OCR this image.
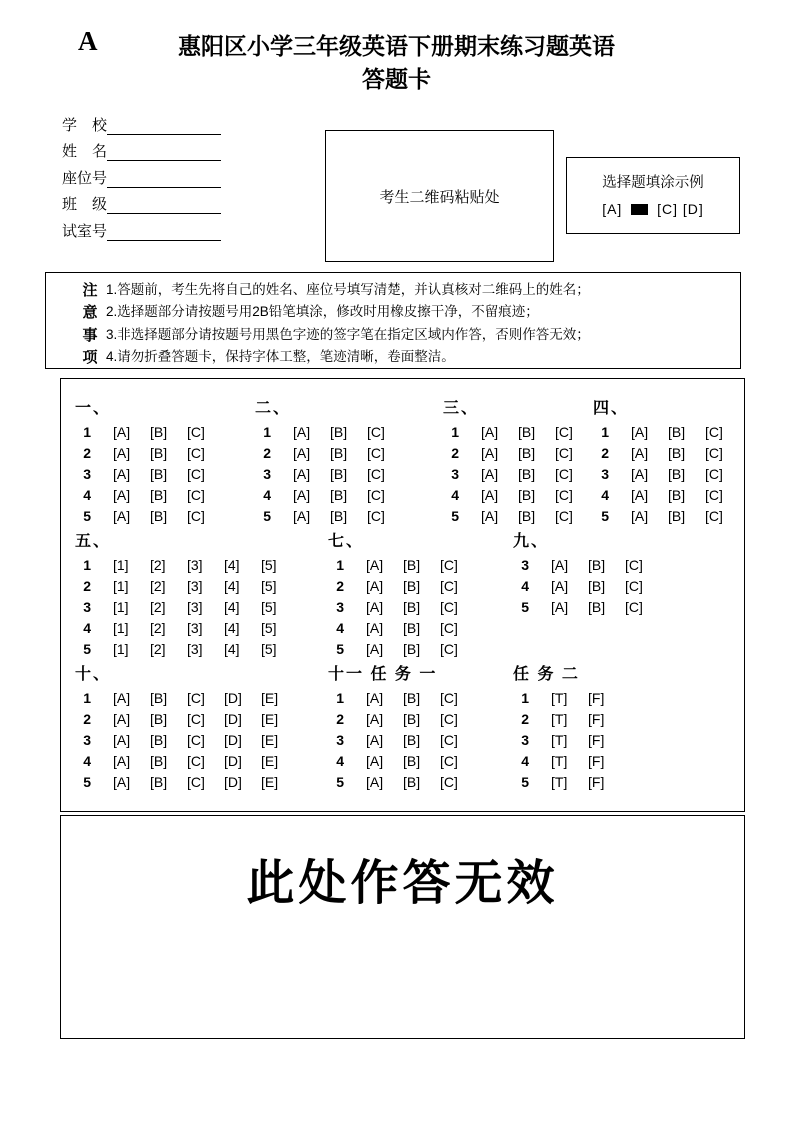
A	惠阳区小学三年级英语下册期末练习题英语
答题卡
学　校
姓　名
座位号
班　级
试室号
考生二维码粘贴处
选择题填涂示例
[A]  [C] [D]
注
意
事
项
1.答题前，考生先将自己的姓名、座位号填写清楚，并认真核对二维码上的姓名；
2.选择题部分请按题号用2B铅笔填涂，修改时用橡皮擦干净，不留痕迹；
3.非选择题部分请按题号用黑色字迹的签字笔在指定区域内作答，否则作答无效；
4.请勿折叠答题卡，保持字体工整，笔迹清晰，卷面整洁。
一、
1 [A] [B] [C]
2 [A] [B] [C]
3 [A] [B] [C]
4 [A] [B] [C]
5 [A] [B] [C]
二、
1 [A] [B] [C]
2 [A] [B] [C]
3 [A] [B] [C]
4 [A] [B] [C]
5 [A] [B] [C]
三、
1 [A] [B] [C]
2 [A] [B] [C]
3 [A] [B] [C]
4 [A] [B] [C]
5 [A] [B] [C]
四、
1 [A] [B] [C]
2 [A] [B] [C]
3 [A] [B] [C]
4 [A] [B] [C]
5 [A] [B] [C]
五、
1 [1] [2] [3] [4] [5]
2 [1] [2] [3] [4] [5]
3 [1] [2] [3] [4] [5]
4 [1] [2] [3] [4] [5]
5 [1] [2] [3] [4] [5]
七、
1 [A] [B] [C]
2 [A] [B] [C]
3 [A] [B] [C]
4 [A] [B] [C]
5 [A] [B] [C]
九、
3 [A] [B] [C]
4 [A] [B] [C]
5 [A] [B] [C]
十、
1 [A] [B] [C] [D] [E]
2 [A] [B] [C] [D] [E]
3 [A] [B] [C] [D] [E]
4 [A] [B] [C] [D] [E]
5 [A] [B] [C] [D] [E]
十一 任 务 一
1 [A] [B] [C]
2 [A] [B] [C]
3 [A] [B] [C]
4 [A] [B] [C]
5 [A] [B] [C]
任 务 二
1 [T] [F]
2 [T] [F]
3 [T] [F]
4 [T] [F]
5 [T] [F]
此处作答无效
